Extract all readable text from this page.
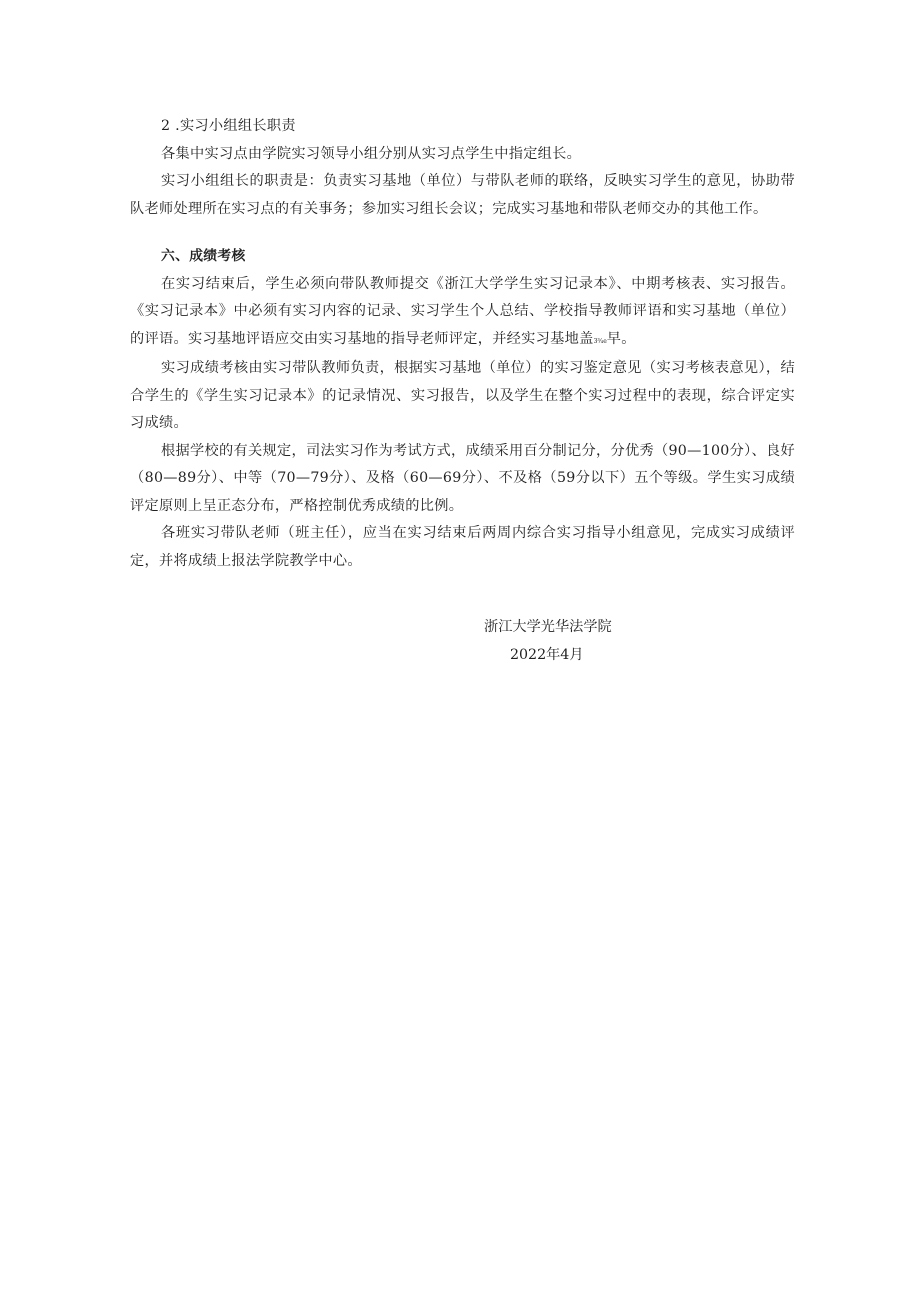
2 .实习小组组长职责

各集中实习点由学院实习领导小组分别从实习点学生中指定组长。

实习小组组长的职责是：负责实习基地（单位）与带队老师的联络，反映实习学生的意见，协助带队老师处理所在实习点的有关事务；参加实习组长会议；完成实习基地和带队老师交办的其他工作。

六、成绩考核

在实习结束后，学生必须向带队教师提交《浙江大学学生实习记录本》、中期考核表、实习报告。《实习记录本》中必须有实习内容的记录、实习学生个人总结、学校指导教师评语和实习基地（单位）的评语。实习基地评语应交由实习基地的指导老师评定，并经实习基地盖3¾e早。

实习成绩考核由实习带队教师负责，根据实习基地（单位）的实习鉴定意见（实习考核表意见），结合学生的《学生实习记录本》的记录情况、实习报告，以及学生在整个实习过程中的表现，综合评定实习成绩。

根据学校的有关规定，司法实习作为考试方式，成绩采用百分制记分，分优秀（90—100分）、良好（80—89分）、中等（70—79分）、及格（60—69分）、不及格（59分以下）五个等级。学生实习成绩评定原则上呈正态分布，严格控制优秀成绩的比例。

各班实习带队老师（班主任），应当在实习结束后两周内综合实习指导小组意见，完成实习成绩评定，并将成绩上报法学院教学中心。

浙江大学光华法学院
2022年4月
